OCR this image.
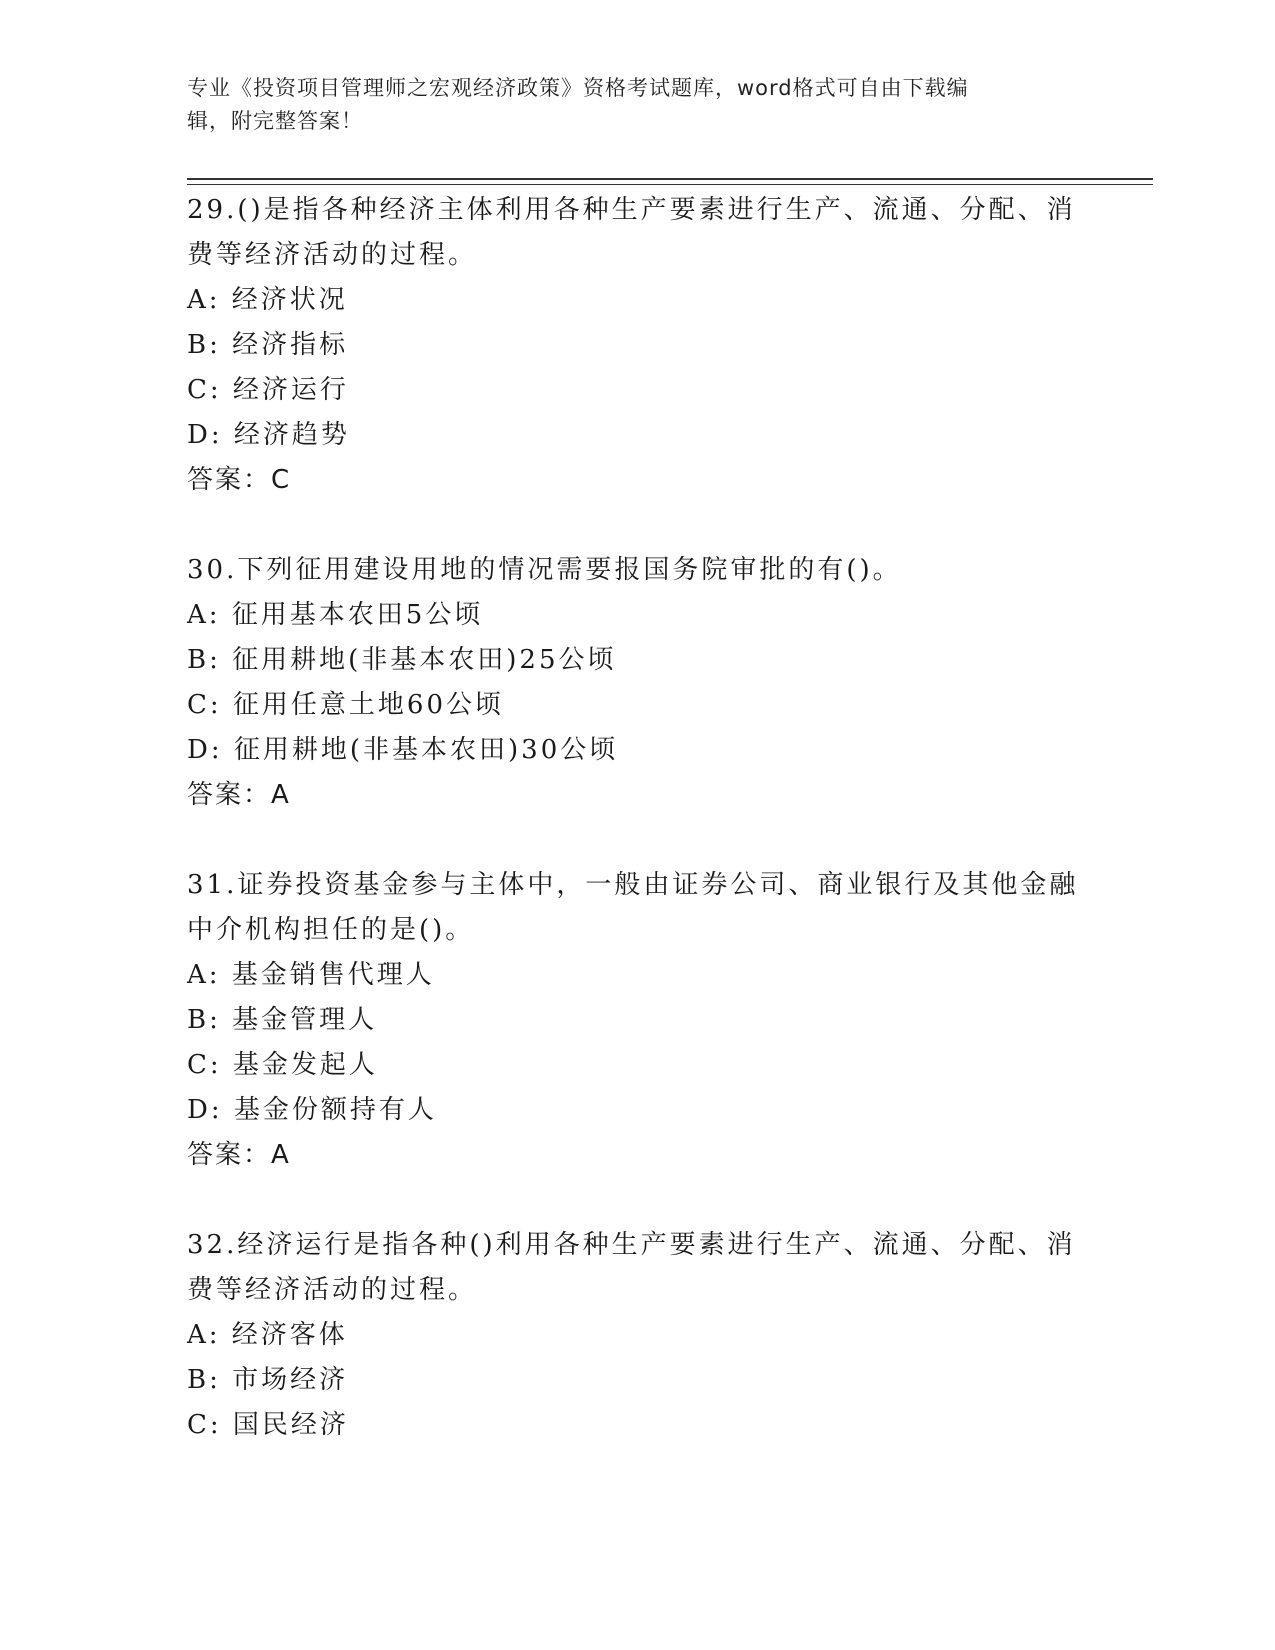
专业《投资项目管理师之宏观经济政策》资格考试题库，word格式可自由下载编
辑，附完整答案！

29.()是指各种经济主体利用各种生产要素进行生产、流通、分配、消

费等经济活动的过程。

A: 经济状况

B: 经济指标

C: 经济运行

D: 经济趋势

答案：C

30.下列征用建设用地的情况需要报国务院审批的有()。

A: 征用基本农田5公顷

B: 征用耕地(非基本农田)25公顷

C: 征用任意土地60公顷

D: 征用耕地(非基本农田)30公顷

答案：A

31.证券投资基金参与主体中，一般由证券公司、商业银行及其他金融

中介机构担任的是()。

A: 基金销售代理人

B: 基金管理人

C: 基金发起人

D: 基金份额持有人

答案：A

32.经济运行是指各种()利用各种生产要素进行生产、流通、分配、消

费等经济活动的过程。

A: 经济客体

B: 市场经济

C: 国民经济
